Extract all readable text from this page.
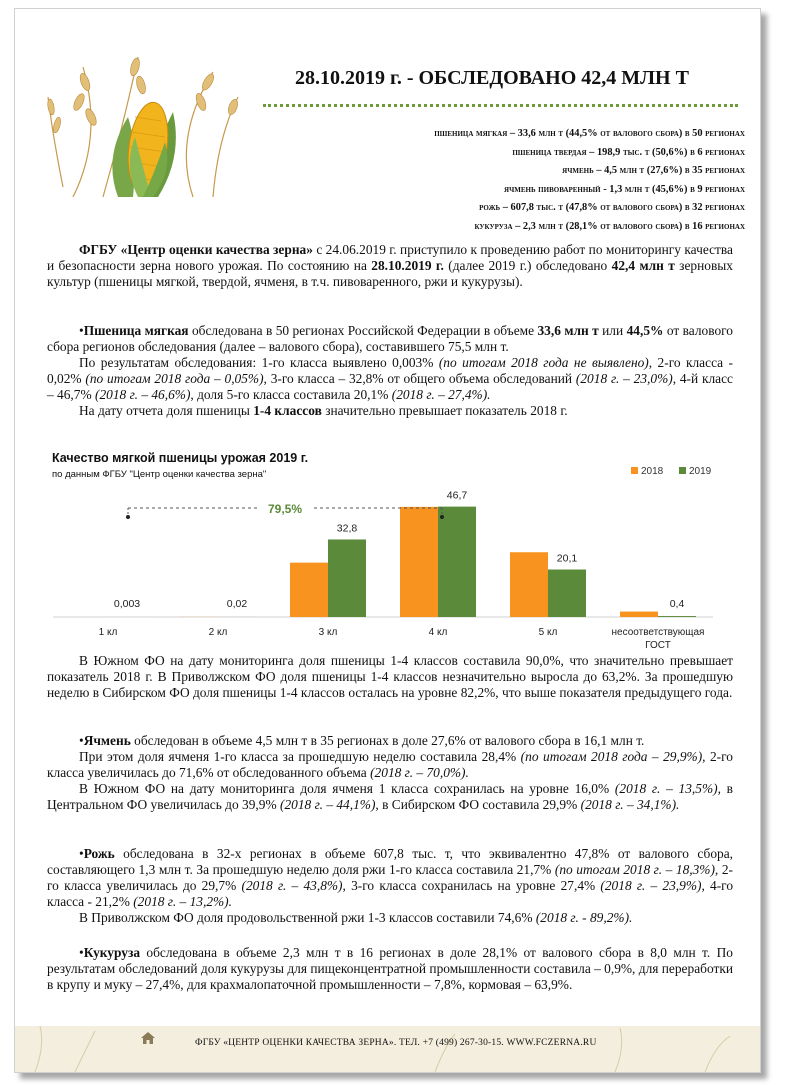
28.10.2019 г. - ОБСЛЕДОВАНО 42,4 МЛН Т
пшеница мягкая – 33,6 млн т (44,5% от валового сбора) в 50 регионах
пшеница твердая – 198,9 тыс. т (50,6%) в 6 регионах
ячмень – 4,5 млн т (27,6%) в 35 регионах
ячмень пивоваренный - 1,3 млн т (45,6%) в 9 регионах
рожь – 607,8 тыс. т (47,8% от валового сбора) в 32 регионах
кукуруза – 2,3 млн т (28,1% от валового сбора) в 16 регионах

ФГБУ «Центр оценки качества зерна» с 24.06.2019 г. приступило к проведению работ по мониторингу качества и безопасности зерна нового урожая. По состоянию на 28.10.2019 г. (далее 2019 г.) обследовано 42,4 млн т зерновых культур (пшеницы мягкой, твердой, ячменя, в т.ч. пивоваренного, ржи и кукурузы).

• Пшеница мягкая обследована в 50 регионах Российской Федерации в объеме 33,6 млн т или 44,5% от валового сбора регионов обследования (далее – валового сбора), составившего 75,5 млн т.

По результатам обследования: 1-го класса выявлено 0,003% (по итогам 2018 года не выявлено), 2-го класса - 0,02% (по итогам 2018 года – 0,05%), 3-го класса – 32,8% от общего объема обследований (2018 г. – 23,0%), 4-й класс – 46,7% (2018 г. – 46,6%), доля 5-го класса составила 20,1% (2018 г. – 27,4%).

На дату отчета доля пшеницы 1-4 классов значительно превышает показатель 2018 г.

Качество мягкой пшеницы урожая 2019 г.
по данным ФГБУ "Центр оценки качества зерна"	2018	2019
0,003
1 кл
0,02
2 кл
32,8
3 кл
46,7
4 кл
20,1
5 кл
0,4
несоответствующая
ГОСТ
79,5%

В Южном ФО на дату мониторинга доля пшеницы 1-4 классов составила 90,0%, что значительно превышает показатель 2018 г. В Приволжском ФО доля пшеницы 1-4 классов незначительно выросла до 63,2%. За прошедшую неделю в Сибирском ФО доля пшеницы 1-4 классов осталась на уровне 82,2%, что выше показателя предыдущего года.

• Ячмень обследован в объеме 4,5 млн т в 35 регионах в доле 27,6% от валового сбора в 16,1 млн т.

При этом доля ячменя 1-го класса за прошедшую неделю составила 28,4% (по итогам 2018 года – 29,9%), 2-го класса увеличилась до 71,6% от обследованного объема (2018 г. – 70,0%).

В Южном ФО на дату мониторинга доля ячменя 1 класса сохранилась на уровне 16,0% (2018 г. – 13,5%), в Центральном ФО увеличилась до 39,9% (2018 г. – 44,1%), в Сибирском ФО составила 29,9% (2018 г. – 34,1%).

• Рожь обследована в 32-х регионах в объеме 607,8 тыс. т, что эквивалентно 47,8% от валового сбора, составляющего 1,3 млн т. За прошедшую неделю доля ржи 1-го класса составила 21,7% (по итогам 2018 г. – 18,3%), 2-го класса увеличилась до 29,7% (2018 г. – 43,8%), 3-го класса сохранилась на уровне 27,4% (2018 г. – 23,9%), 4-го класса - 21,2% (2018 г. – 13,2%).

В Приволжском ФО доля продовольственной ржи 1-3 классов составили 74,6% (2018 г. - 89,2%).

• Кукуруза обследована в объеме 2,3 млн т в 16 регионах в доле 28,1% от валового сбора в 8,0 млн т. По результатам обследований доля кукурузы для пищеконцентратной промышленности составила – 0,9%, для переработки в крупу и муку – 27,4%, для крахмалопаточной промышленности – 7,8%, кормовая – 63,9%.

ФГБУ «ЦЕНТР ОЦЕНКИ КАЧЕСТВА ЗЕРНА». ТЕЛ. +7 (499) 267-30-15. WWW.FCZERNA.RU
